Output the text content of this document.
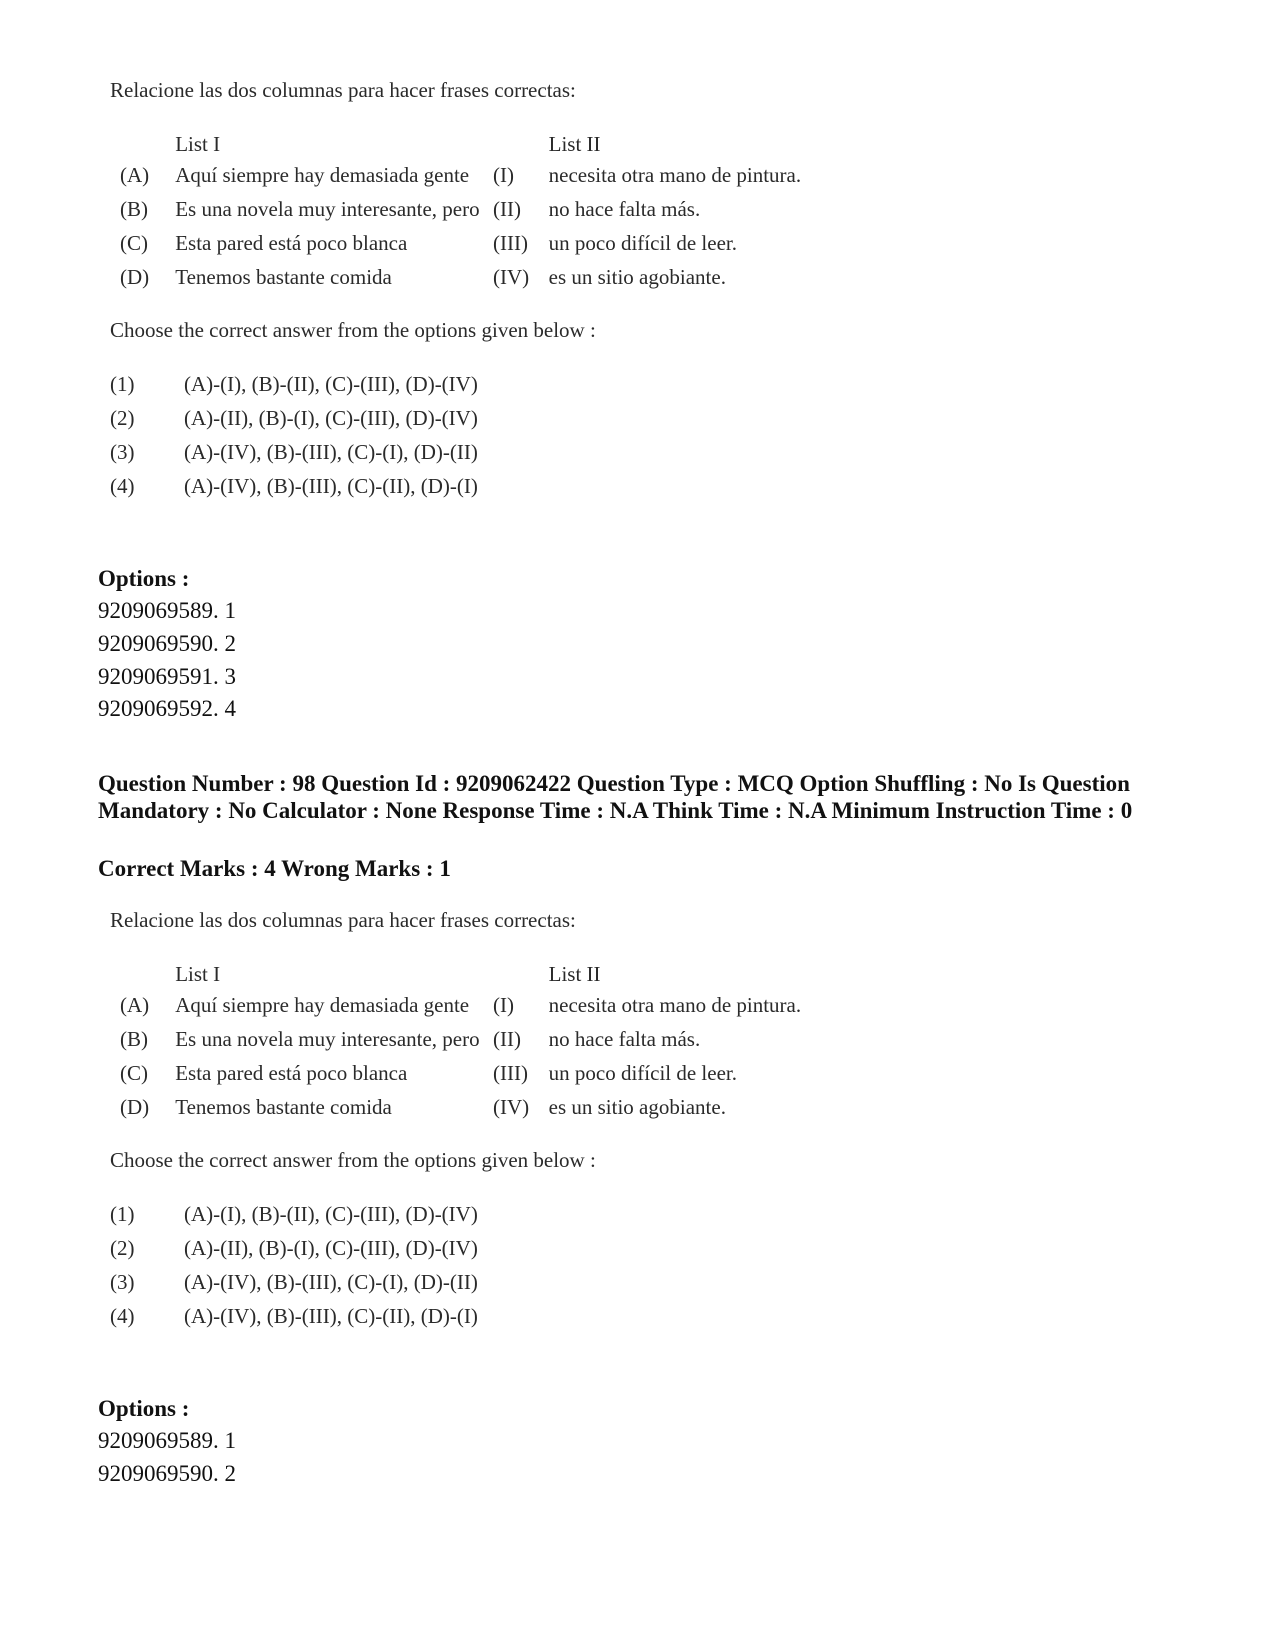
Relacione las dos columnas para hacer frases correctas:
	List I		List II
(A)	Aquí siempre hay demasiada gente	(I)	necesita otra mano de pintura.
(B)	Es una novela muy interesante, pero	(II)	no hace falta más.
(C)	Esta pared está poco blanca	(III)	un poco difícil de leer.
(D)	Tenemos bastante comida	(IV)	es un sitio agobiante.
Choose the correct answer from the options given below :
(1)	(A)-(I), (B)-(II), (C)-(III), (D)-(IV)
(2)	(A)-(II), (B)-(I), (C)-(III), (D)-(IV)
(3)	(A)-(IV), (B)-(III), (C)-(I), (D)-(II)
(4)	(A)-(IV), (B)-(III), (C)-(II), (D)-(I)
Options :
9209069589. 1
9209069590. 2
9209069591. 3
9209069592. 4
Question Number : 98 Question Id : 9209062422 Question Type : MCQ Option Shuffling : No Is Question Mandatory : No Calculator : None Response Time : N.A Think Time : N.A Minimum Instruction Time : 0
Correct Marks : 4 Wrong Marks : 1
Relacione las dos columnas para hacer frases correctas:
	List I		List II
(A)	Aquí siempre hay demasiada gente	(I)	necesita otra mano de pintura.
(B)	Es una novela muy interesante, pero	(II)	no hace falta más.
(C)	Esta pared está poco blanca	(III)	un poco difícil de leer.
(D)	Tenemos bastante comida	(IV)	es un sitio agobiante.
Choose the correct answer from the options given below :
(1)	(A)-(I), (B)-(II), (C)-(III), (D)-(IV)
(2)	(A)-(II), (B)-(I), (C)-(III), (D)-(IV)
(3)	(A)-(IV), (B)-(III), (C)-(I), (D)-(II)
(4)	(A)-(IV), (B)-(III), (C)-(II), (D)-(I)
Options :
9209069589. 1
9209069590. 2
